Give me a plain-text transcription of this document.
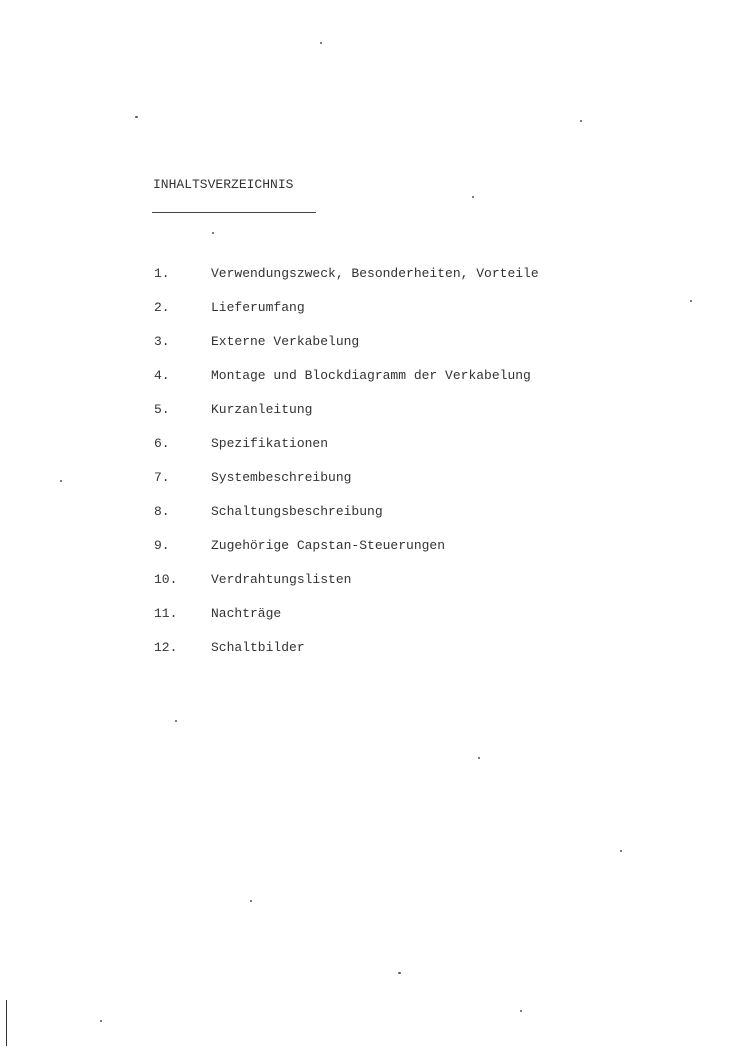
INHALTSVERZEICHNIS
1.	Verwendungszweck, Besonderheiten, Vorteile
2.	Lieferumfang
3.	Externe Verkabelung
4.	Montage und Blockdiagramm der Verkabelung
5.	Kurzanleitung
6.	Spezifikationen
7.	Systembeschreibung
8.	Schaltungsbeschreibung
9.	Zugehörige Capstan-Steuerungen
10.	Verdrahtungslisten
11.	Nachträge
12.	Schaltbilder
